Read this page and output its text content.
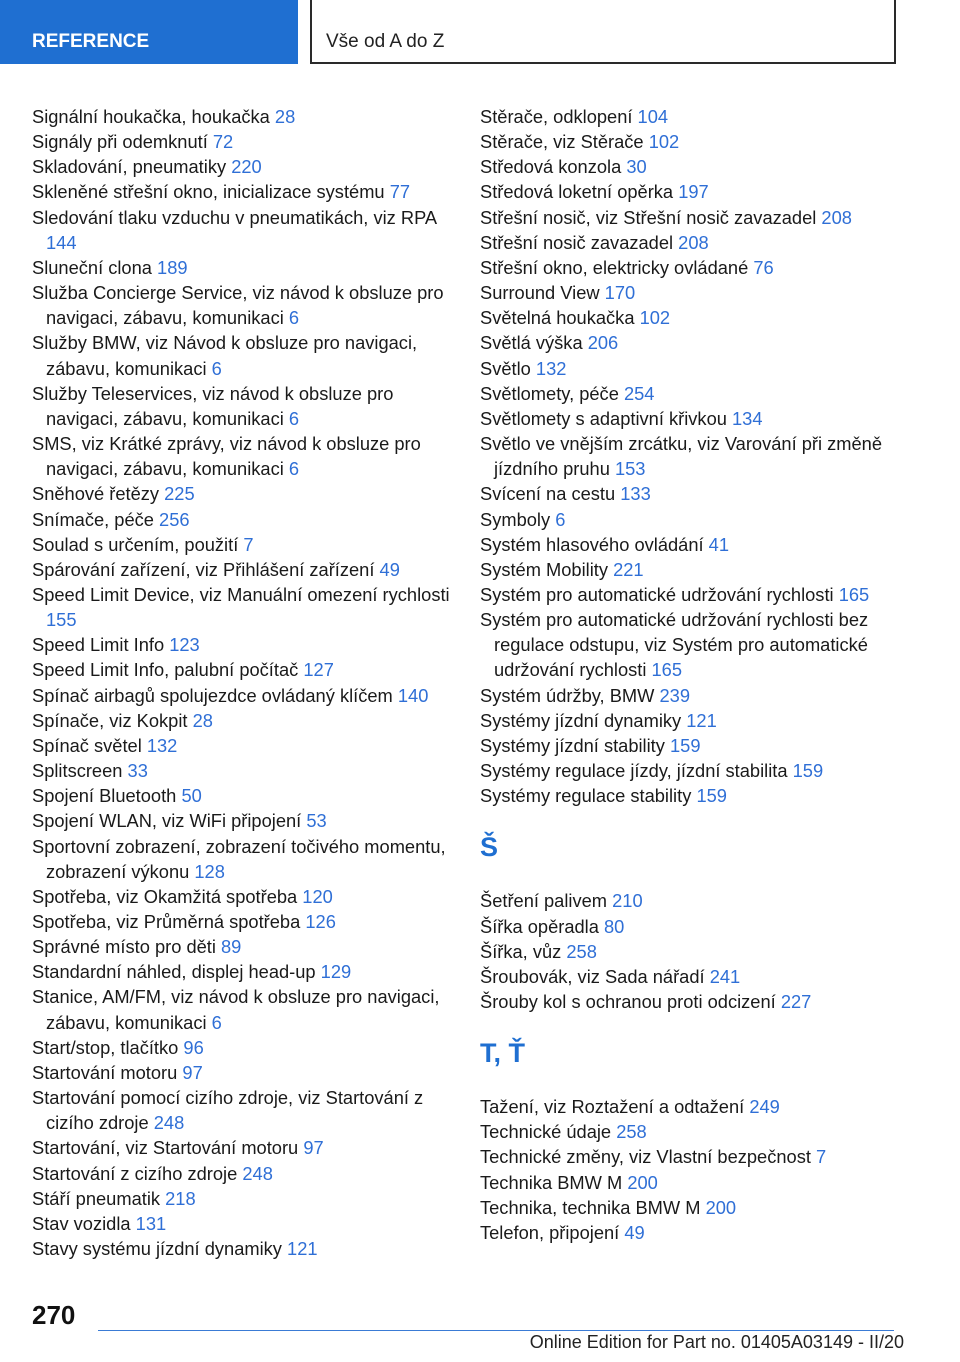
REFERENCE	Vše od A do Z

Signální houkačka, houkačka 28

Signály při odemknutí 72

Skladování, pneumatiky 220

Skleněné střešní okno, inicializace systému 77

Sledování tlaku vzduchu v pneumatikách, viz RPA 144

Sluneční clona 189

Služba Concierge Service, viz návod k obsluze pro navigaci, zábavu, komunikaci 6

Služby BMW, viz Návod k obsluze pro navigaci, zábavu, komunikaci 6

Služby Teleservices, viz návod k obsluze pro navigaci, zábavu, komunikaci 6

SMS, viz Krátké zprávy, viz návod k obsluze pro navigaci, zábavu, komunikaci 6

Sněhové řetězy 225

Snímače, péče 256

Soulad s určením, použití 7

Spárování zařízení, viz Přihlášení zařízení 49

Speed Limit Device, viz Manuální omezení rychlosti 155

Speed Limit Info 123

Speed Limit Info, palubní počítač 127

Spínač airbagů spolujezdce ovládaný klíčem 140

Spínače, viz Kokpit 28

Spínač světel 132

Splitscreen 33

Spojení Bluetooth 50

Spojení WLAN, viz WiFi připojení 53

Sportovní zobrazení, zobrazení točivého momentu, zobrazení výkonu 128

Spotřeba, viz Okamžitá spotřeba 120

Spotřeba, viz Průměrná spotřeba 126

Správné místo pro děti 89

Standardní náhled, displej head-up 129

Stanice, AM/FM, viz návod k obsluze pro navigaci, zábavu, komunikaci 6

Start/stop, tlačítko 96

Startování motoru 97

Startování pomocí cizího zdroje, viz Startování z cizího zdroje 248

Startování, viz Startování motoru 97

Startování z cizího zdroje 248

Stáří pneumatik 218

Stav vozidla 131

Stavy systému jízdní dynamiky 121

Stěrače, odklopení 104

Stěrače, viz Stěrače 102

Středová konzola 30

Středová loketní opěrka 197

Střešní nosič, viz Střešní nosič zavazadel 208

Střešní nosič zavazadel 208

Střešní okno, elektricky ovládané 76

Surround View 170

Světelná houkačka 102

Světlá výška 206

Světlo 132

Světlomety, péče 254

Světlomety s adaptivní křivkou 134

Světlo ve vnějším zrcátku, viz Varování při změně jízdního pruhu 153

Svícení na cestu 133

Symboly 6

Systém hlasového ovládání 41

Systém Mobility 221

Systém pro automatické udržování rychlosti 165

Systém pro automatické udržování rychlosti bez regulace odstupu, viz Systém pro automatické udržování rychlosti 165

Systém údržby, BMW 239

Systémy jízdní dynamiky 121

Systémy jízdní stability 159

Systémy regulace jízdy, jízdní stabilita 159

Systémy regulace stability 159

Š

Šetření palivem 210

Šířka opěradla 80

Šířka, vůz 258

Šroubovák, viz Sada nářadí 241

Šrouby kol s ochranou proti odcizení 227

T, Ť

Tažení, viz Roztažení a odtažení 249

Technické údaje 258

Technické změny, viz Vlastní bezpečnost 7

Technika BMW M 200

Technika, technika BMW M 200

Telefon, připojení 49

270
Online Edition for Part no. 01405A03149 - II/20
